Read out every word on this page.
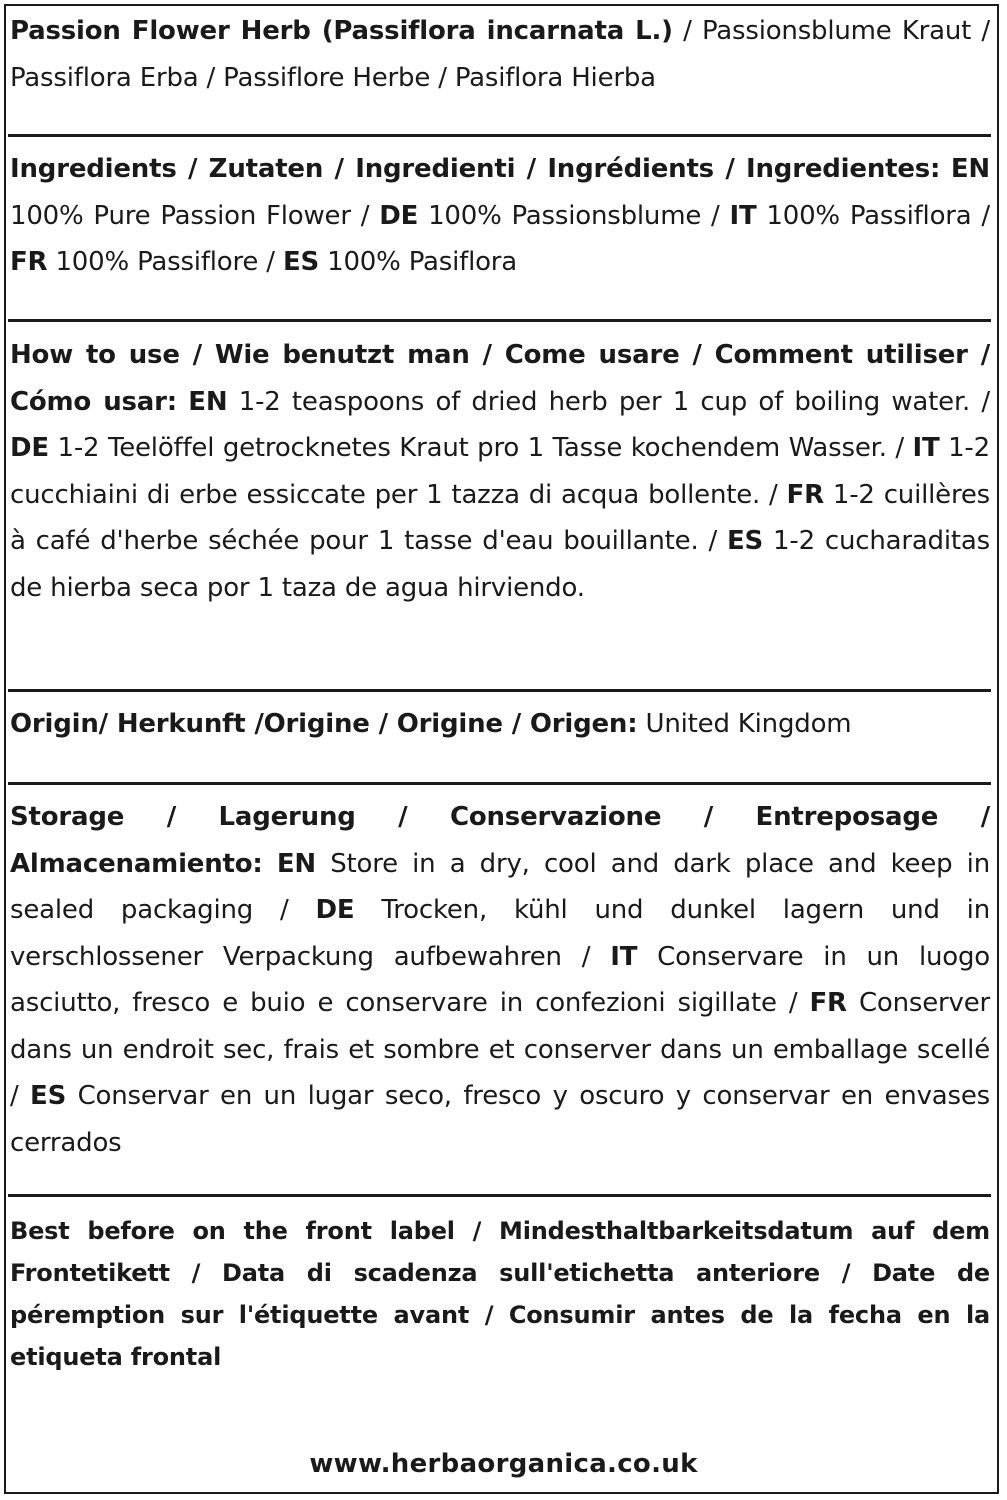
Passion Flower Herb (Passiflora incarnata L.) / Passionsblume Kraut / Passiflora Erba / Passiflore Herbe / Pasiflora Hierba
Ingredients / Zutaten / Ingredienti / Ingrédients / Ingredientes: EN 100% Pure Passion Flower / DE 100% Passionsblume / IT 100% Passiflora / FR 100% Passiflore / ES 100% Pasiflora
How to use / Wie benutzt man / Come usare / Comment utiliser / Cómo usar: EN 1-2 teaspoons of dried herb per 1 cup of boiling water. / DE 1-2 Teelöffel getrocknetes Kraut pro 1 Tasse kochendem Wasser. / IT 1-2 cucchiaini di erbe essiccate per 1 tazza di acqua bollente. / FR 1-2 cuillères à café d'herbe séchée pour 1 tasse d'eau bouillante. / ES 1-2 cucharaditas de hierba seca por 1 taza de agua hirviendo.
Origin/ Herkunft /Origine / Origine / Origen: United Kingdom
Storage / Lagerung / Conservazione / Entreposage / Almacenamiento: EN Store in a dry, cool and dark place and keep in sealed packaging / DE Trocken, kühl und dunkel lagern und in verschlossener Verpackung aufbewahren / IT Conservare in un luogo asciutto, fresco e buio e conservare in confezioni sigillate / FR Conserver dans un endroit sec, frais et sombre et conserver dans un emballage scellé / ES Conservar en un lugar seco, fresco y oscuro y conservar en envases cerrados
Best before on the front label / Mindesthaltbarkeitsdatum auf dem Frontetikett / Data di scadenza sull'etichetta anteriore / Date de péremption sur l'étiquette avant / Consumir antes de la fecha en la etiqueta frontal
www.herbaorganica.co.uk
